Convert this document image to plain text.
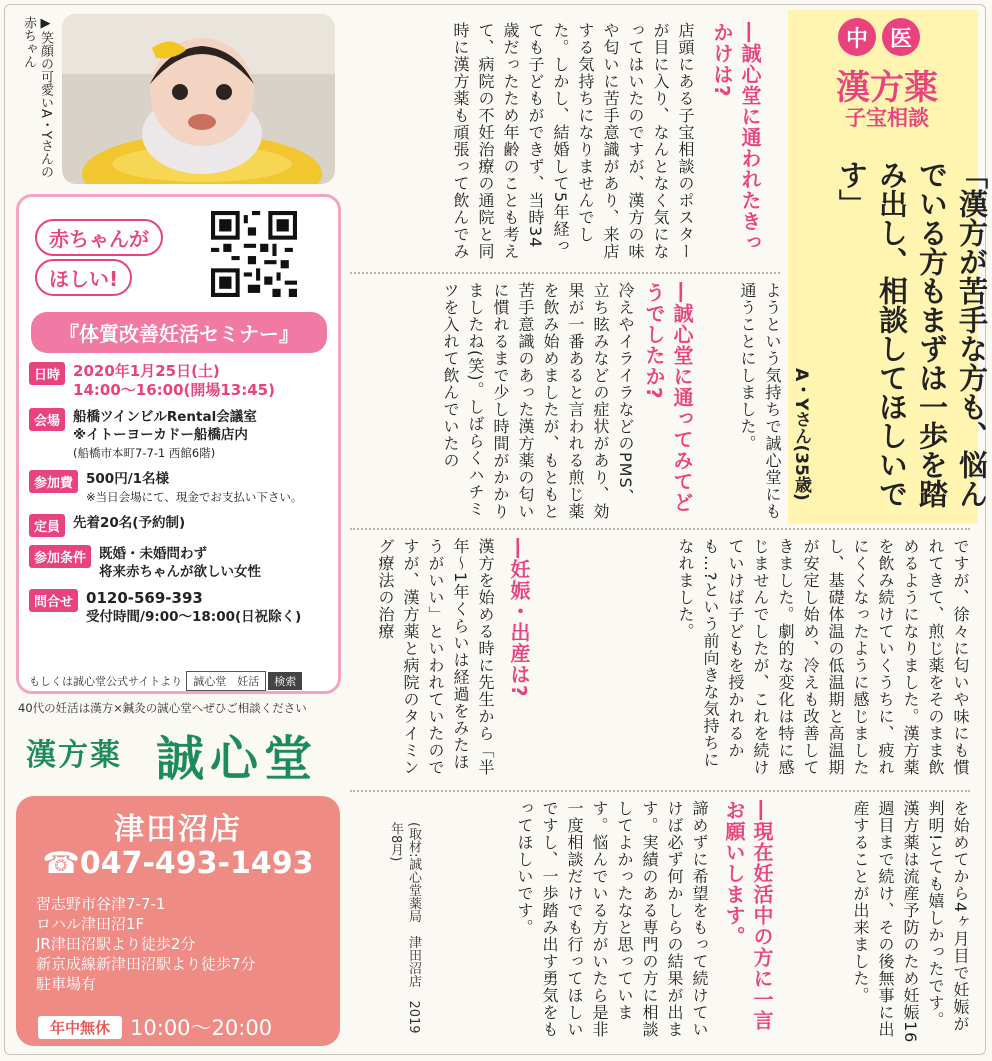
▶笑顔の可愛いA・Yさんの赤ちゃん
赤ちゃんが
ほしい!
『体質改善妊活セミナー』
日時 2020年1月25日(土)
14:00～16:00(開場13:45)
会場 船橋ツインビルRental会議室
※イトーヨーカドー船橋店内
(船橋市本町7-7-1 西館6階)
参加費 500円/1名様
※当日会場にて、現金でお支払い下さい。
定員 先着20名(予約制)
参加条件 既婚・未婚問わず
将来赤ちゃんが欲しい女性
問合せ 0120-569-393
受付時間/9:00～18:00(日祝除く)
もしくは誠心堂公式サイトより	誠心堂　妊活	検索
40代の妊活は漢方×鍼灸の誠心堂へぜひご相談ください
漢方薬 誠心堂
津田沼店
☎047-493-1493
習志野市谷津7-7-1
ロハル津田沼1F
JR津田沼駅より徒歩2分
新京成線新津田沼駅より徒歩7分
駐車場有
年中無休 10:00～20:00
中 医
漢方薬
子宝相談
「漢方が苦手な方も、悩んでいる方もまずは一歩を踏み出し、相談してほしいです」
A・Yさん(35歳)
―誠心堂に通われたきっかけは?
店頭にある子宝相談のポスターが目に入り、なんとなく気になってはいたのですが、漢方の味や匂いに苦手意識があり、来店する気持ちになりませんでした。しかし、結婚して5年経っても子どもができず、当時34歳だったため年齢のことも考えて、病院の不妊治療の通院と同時に漢方薬も頑張って飲んでみ
ようという気持ちで誠心堂にも通うことにしました。
―誠心堂に通ってみてどうでしたか?
冷えやイライラなどのPMS、立ち眩みなどの症状があり、効果が一番あると言われる煎じ薬を飲み始めましたが、もともと苦手意識のあった漢方薬の匂いに慣れるまで少し時間がかかりましたね(笑)。しばらくハチミツを入れて飲んでいたの
ですが、徐々に匂いや味にも慣れてきて、煎じ薬をそのまま飲めるようになりました。漢方薬を飲み続けていくうちに、疲れにくくなったように感じましたし、基礎体温の低温期と高温期が安定し始め、冷えも改善してきました。劇的な変化は特に感じませんでしたが、これを続けていけば子どもを授かれるかも…?という前向きな気持ちになれました。
―妊娠・出産は?
漢方を始める時に先生から「半年～1年くらいは経過をみたほうがいい」といわれていたのですが、漢方薬と病院のタイミング療法の治療
を始めてから4ヶ月目で妊娠が判明!とても嬉しかったです。漢方薬は流産予防のため妊娠16週目まで続け、その後無事に出産することが出来ました。
―現在妊活中の方に一言お願いします。
諦めずに希望をもって続けていけば必ず何かしらの結果が出ます。実績のある専門の方に相談してよかったなと思っています。悩んでいる方がいたら是非一度相談だけでも行ってほしいですし、一歩踏み出す勇気をもってほしいです。
(取材:誠心堂薬局　津田沼店　2019年8月)
